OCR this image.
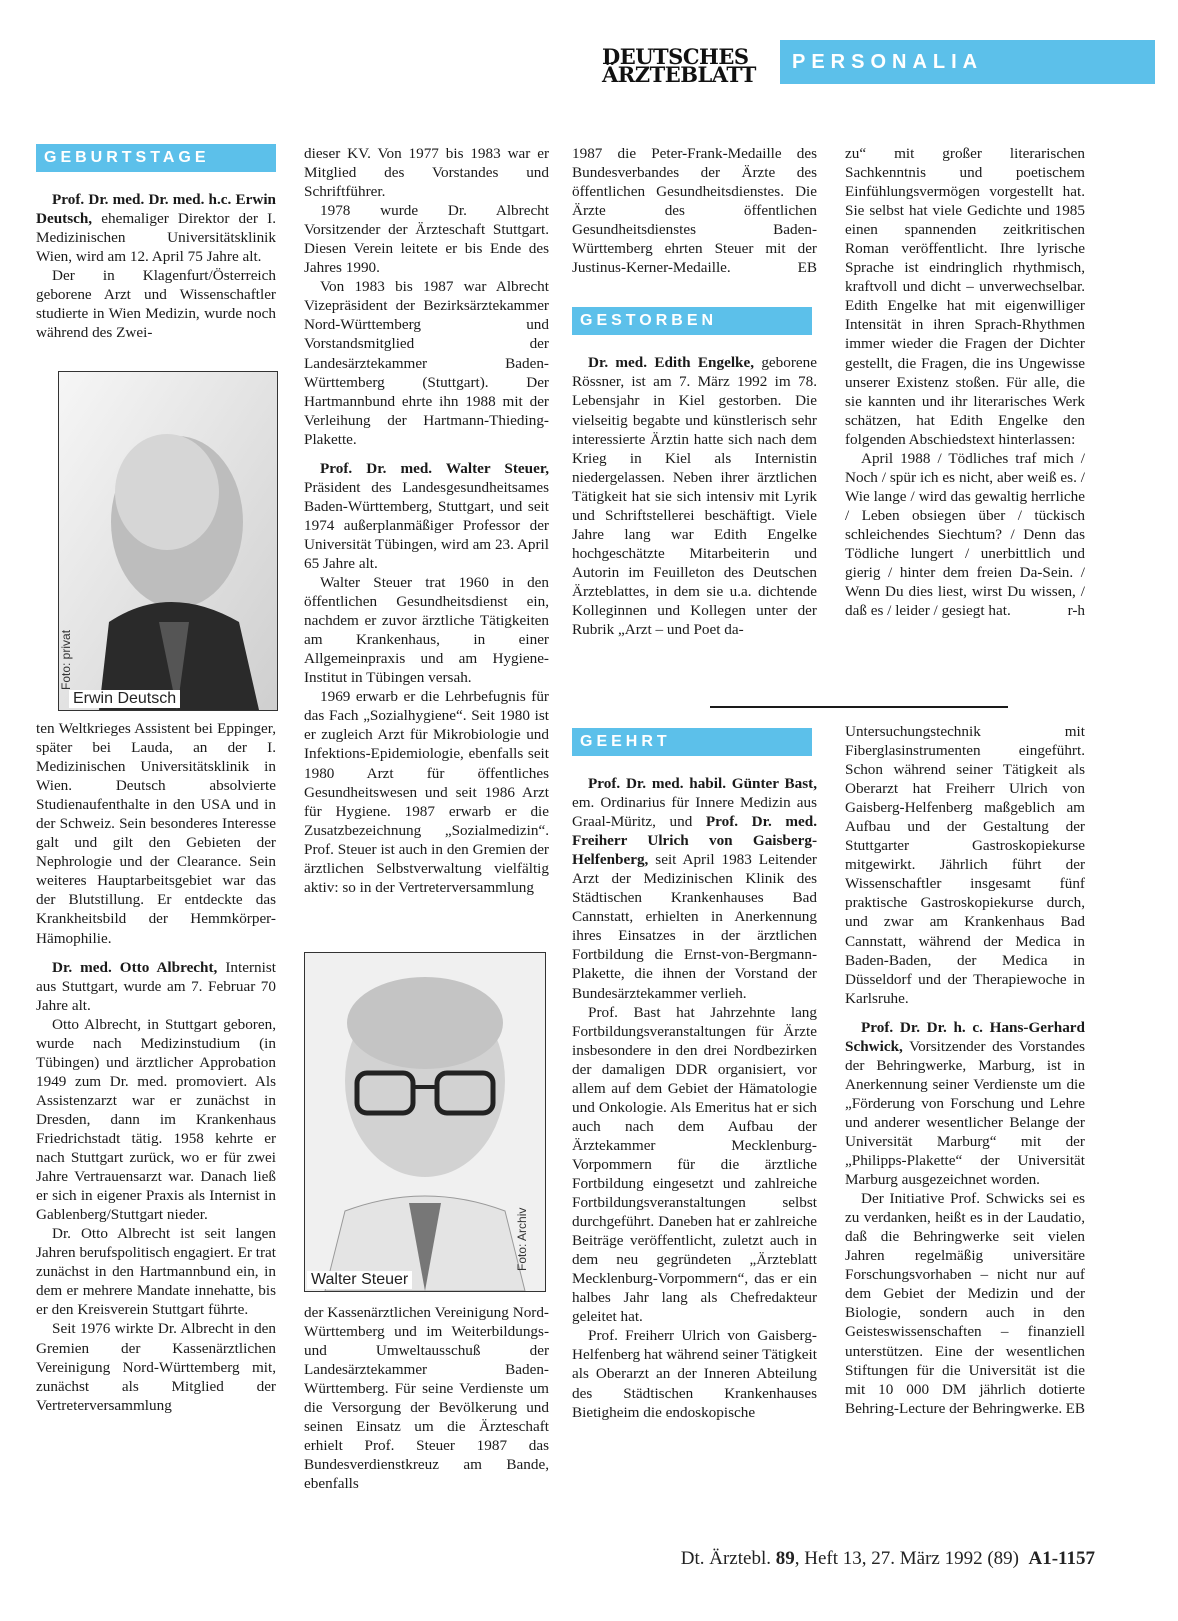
DEUTSCHES
ÄRZTEBLATT	PERSONALIA
GEBURTSTAGE

Prof. Dr. med. Dr. med. h.c. Erwin Deutsch, ehemaliger Direktor der I. Medizinischen Universitätsklinik Wien, wird am 12. April 75 Jahre alt.

Der in Klagenfurt/Österreich geborene Arzt und Wissenschaftler studierte in Wien Medizin, wurde noch während des Zwei-

Foto: privat
Erwin Deutsch

ten Weltkrieges Assistent bei Eppinger, später bei Lauda, an der I. Medizinischen Universitätsklinik in Wien. Deutsch absolvierte Studienaufenthalte in den USA und in der Schweiz. Sein besonderes Interesse galt und gilt den Gebieten der Nephrologie und der Clearance. Sein weiteres Hauptarbeitsgebiet war das der Blutstillung. Er entdeckte das Krankheitsbild der Hemmkörper-Hämophilie.

Dr. med. Otto Albrecht, Internist aus Stuttgart, wurde am 7. Februar 70 Jahre alt.

Otto Albrecht, in Stuttgart geboren, wurde nach Medizinstudium (in Tübingen) und ärztlicher Approbation 1949 zum Dr. med. promoviert. Als Assistenzarzt war er zunächst in Dresden, dann im Krankenhaus Friedrichstadt tätig. 1958 kehrte er nach Stuttgart zurück, wo er für zwei Jahre Vertrauensarzt war. Danach ließ er sich in eigener Praxis als Internist in Gablenberg/Stuttgart nieder.

Dr. Otto Albrecht ist seit langen Jahren berufspolitisch engagiert. Er trat zunächst in den Hartmannbund ein, in dem er mehrere Mandate innehatte, bis er den Kreisverein Stuttgart führte.

Seit 1976 wirkte Dr. Albrecht in den Gremien der Kassenärztlichen Vereinigung Nord-Württemberg mit, zunächst als Mitglied der Vertreterversammlung

dieser KV. Von 1977 bis 1983 war er Mitglied des Vorstandes und Schriftführer.

1978 wurde Dr. Albrecht Vorsitzender der Ärzteschaft Stuttgart. Diesen Verein leitete er bis Ende des Jahres 1990.

Von 1983 bis 1987 war Albrecht Vizepräsident der Bezirksärztekammer Nord-Württemberg und Vorstandsmitglied der Landesärztekammer Baden-Württemberg (Stuttgart). Der Hartmannbund ehrte ihn 1988 mit der Verleihung der Hartmann-Thieding-Plakette.

Prof. Dr. med. Walter Steuer, Präsident des Landesgesundheitsames Baden-Württemberg, Stuttgart, und seit 1974 außerplanmäßiger Professor der Universität Tübingen, wird am 23. April 65 Jahre alt.

Walter Steuer trat 1960 in den öffentlichen Gesundheitsdienst ein, nachdem er zuvor ärztliche Tätigkeiten am Krankenhaus, in einer Allgemeinpraxis und am Hygiene-Institut in Tübingen versah.

1969 erwarb er die Lehrbefugnis für das Fach „Sozialhygiene“. Seit 1980 ist er zugleich Arzt für Mikrobiologie und Infektions-Epidemiologie, ebenfalls seit 1980 Arzt für öffentliches Gesundheitswesen und seit 1986 Arzt für Hygiene. 1987 erwarb er die Zusatzbezeichnung „Sozialmedizin“. Prof. Steuer ist auch in den Gremien der ärztlichen Selbstverwaltung vielfältig aktiv: so in der Vertreterversammlung

Foto: Archiv
Walter Steuer

der Kassenärztlichen Vereinigung Nord-Württemberg und im Weiterbildungs- und Umweltausschuß der Landesärztekammer Baden-Württemberg. Für seine Verdienste um die Versorgung der Bevölkerung und seinen Einsatz um die Ärzteschaft erhielt Prof. Steuer 1987 das Bundesverdienstkreuz am Bande, ebenfalls

1987 die Peter-Frank-Medaille des Bundesverbandes der Ärzte des öffentlichen Gesundheitsdienstes. Die Ärzte des öffentlichen Gesundheitsdienstes Baden-Württemberg ehrten Steuer mit der Justinus-Kerner-Medaille.	EB

GESTORBEN

Dr. med. Edith Engelke, geborene Rössner, ist am 7. März 1992 im 78. Lebensjahr in Kiel gestorben. Die vielseitig begabte und künstlerisch sehr interessierte Ärztin hatte sich nach dem Krieg in Kiel als Internistin niedergelassen. Neben ihrer ärztlichen Tätigkeit hat sie sich intensiv mit Lyrik und Schriftstellerei beschäftigt. Viele Jahre lang war Edith Engelke hochgeschätzte Mitarbeiterin und Autorin im Feuilleton des Deutschen Ärzteblattes, in dem sie u.a. dichtende Kolleginnen und Kollegen unter der Rubrik „Arzt – und Poet da-

zu“ mit großer literarischen Sachkenntnis und poetischem Einfühlungsvermögen vorgestellt hat. Sie selbst hat viele Gedichte und 1985 einen spannenden zeitkritischen Roman veröffentlicht. Ihre lyrische Sprache ist eindringlich rhythmisch, kraftvoll und dicht – unverwechselbar. Edith Engelke hat mit eigenwilliger Intensität in ihren Sprach-Rhythmen immer wieder die Fragen der Dichter gestellt, die Fragen, die ins Ungewisse unserer Existenz stoßen. Für alle, die sie kannten und ihr literarisches Werk schätzen, hat Edith Engelke den folgenden Abschiedstext hinterlassen:

April 1988 / Tödliches traf mich / Noch / spür ich es nicht, aber weiß es. / Wie lange / wird das gewaltig herrliche / Leben obsiegen über / tückisch schleichendes Siechtum? / Denn das Tödliche lungert / unerbittlich und gierig / hinter dem freien Da-Sein. / Wenn Du dies liest, wirst Du wissen, / daß es / leider / gesiegt hat.	r-h

GEEHRT

Prof. Dr. med. habil. Günter Bast, em. Ordinarius für Innere Medizin aus Graal-Müritz, und Prof. Dr. med. Freiherr Ulrich von Gaisberg-Helfenberg, seit April 1983 Leitender Arzt der Medizinischen Klinik des Städtischen Krankenhauses Bad Cannstatt, erhielten in Anerkennung ihres Einsatzes in der ärztlichen Fortbildung die Ernst-von-Bergmann-Plakette, die ihnen der Vorstand der Bundesärztekammer verlieh.

Prof. Bast hat Jahrzehnte lang Fortbildungsveranstaltungen für Ärzte insbesondere in den drei Nordbezirken der damaligen DDR organisiert, vor allem auf dem Gebiet der Hämatologie und Onkologie. Als Emeritus hat er sich auch nach dem Aufbau der Ärztekammer Mecklenburg-Vorpommern für die ärztliche Fortbildung eingesetzt und zahlreiche Fortbildungsveranstaltungen selbst durchgeführt. Daneben hat er zahlreiche Beiträge veröffentlicht, zuletzt auch in dem neu gegründeten „Ärzteblatt Mecklenburg-Vorpommern“, das er ein halbes Jahr lang als Chefredakteur geleitet hat.

Prof. Freiherr Ulrich von Gaisberg-Helfenberg hat während seiner Tätigkeit als Oberarzt an der Inneren Abteilung des Städtischen Krankenhauses Bietigheim die endoskopische

Untersuchungstechnik mit Fiberglasinstrumenten eingeführt. Schon während seiner Tätigkeit als Oberarzt hat Freiherr Ulrich von Gaisberg-Helfenberg maßgeblich am Aufbau und der Gestaltung der Stuttgarter Gastroskopiekurse mitgewirkt. Jährlich führt der Wissenschaftler insgesamt fünf praktische Gastroskopiekurse durch, und zwar am Krankenhaus Bad Cannstatt, während der Medica in Baden-Baden, der Medica in Düsseldorf und der Therapiewoche in Karlsruhe.

Prof. Dr. Dr. h. c. Hans-Gerhard Schwick, Vorsitzender des Vorstandes der Behringwerke, Marburg, ist in Anerkennung seiner Verdienste um die „Förderung von Forschung und Lehre und anderer wesentlicher Belange der Universität Marburg“ mit der „Philipps-Plakette“ der Universität Marburg ausgezeichnet worden.

Der Initiative Prof. Schwicks sei es zu verdanken, heißt es in der Laudatio, daß die Behringwerke seit vielen Jahren regelmäßig universitäre Forschungsvorhaben – nicht nur auf dem Gebiet der Medizin und der Biologie, sondern auch in den Geisteswissenschaften – finanziell unterstützen. Eine der wesentlichen Stiftungen für die Universität ist die mit 10 000 DM jährlich dotierte Behring-Lecture der Behringwerke. EB

Dt. Ärztebl. 89, Heft 13, 27. März 1992 (89) A1-1157
